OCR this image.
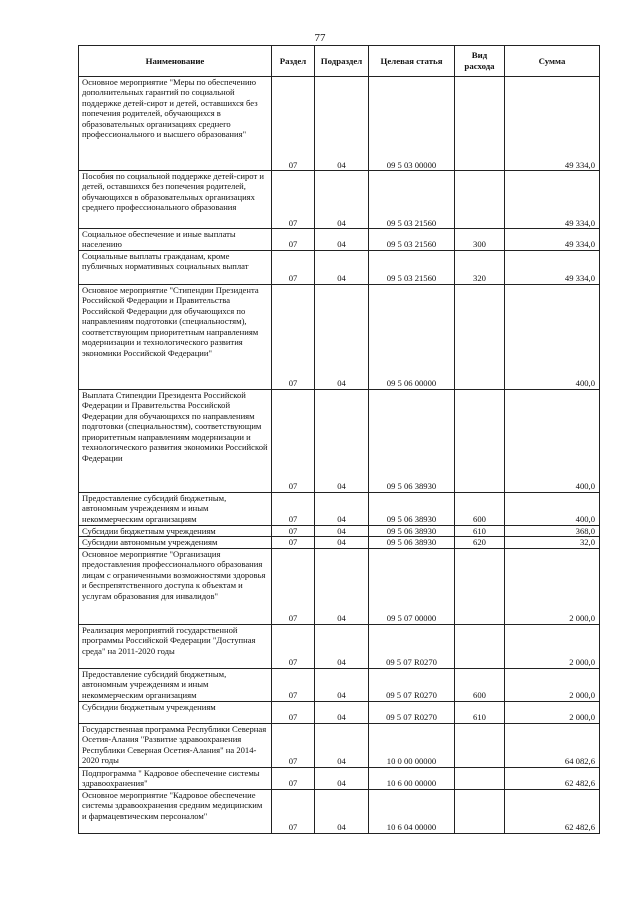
77
Наименование	Раздел	Подраздел	Целевая статья	Вид расхода	Сумма
Основное мероприятие "Меры по обеспечению дополнительных гарантий по социальной поддержке детей-сирот и детей, оставшихся без попечения родителей, обучающихся в образовательных организациях среднего профессионального и высшего образования"	07	04	09 5 03 00000		49 334,0
Пособия по социальной поддержке детей-сирот и детей, оставшихся без попечения родителей, обучающихся в образовательных организациях среднего профессионального образования	07	04	09 5 03 21560		49 334,0
Социальное обеспечение и иные выплаты населению	07	04	09 5 03 21560	300	49 334,0
Социальные выплаты гражданам, кроме публичных нормативных социальных выплат	07	04	09 5 03 21560	320	49 334,0
Основное мероприятие "Стипендии Президента Российской Федерации и Правительства Российской Федерации для обучающихся по направлениям подготовки (специальностям), соответствующим приоритетным направлениям модернизации и технологического развития экономики Российской Федерации"	07	04	09 5 06 00000		400,0
Выплата Стипендии Президента Российской Федерации и Правительства Российской Федерации для обучающихся по направлениям подготовки (специальностям), соответствующим приоритетным направлениям модернизации и технологического развития экономики Российской Федерации	07	04	09 5 06 38930		400,0
Предоставление субсидий бюджетным, автономным учреждениям и иным некоммерческим организациям	07	04	09 5 06 38930	600	400,0
Субсидии бюджетным учреждениям	07	04	09 5 06 38930	610	368,0
Субсидии автономным учреждениям	07	04	09 5 06 38930	620	32,0
Основное мероприятие "Организация предоставления профессионального образования лицам с ограниченными возможностями здоровья и беспрепятственного доступа к объектам и услугам образования для инвалидов"	07	04	09 5 07 00000		2 000,0
Реализация мероприятий государственной программы Российской Федерации "Доступная среда" на 2011-2020 годы	07	04	09 5 07 R0270		2 000,0
Предоставление субсидий бюджетным, автономным учреждениям и иным некоммерческим организациям	07	04	09 5 07 R0270	600	2 000,0
Субсидии бюджетным учреждениям	07	04	09 5 07 R0270	610	2 000,0
Государственная программа Республики Северная Осетия-Алания "Развитие здравоохранения Республики Северная Осетия-Алания" на 2014-2020 годы	07	04	10 0 00 00000		64 082,6
Подпрограмма " Кадровое обеспечение системы здравоохранения"	07	04	10 6 00 00000		62 482,6
Основное мероприятие "Кадровое обеспечение системы здравоохранения средним медицинским и фармацевтическим персоналом"	07	04	10 6 04 00000		62 482,6
